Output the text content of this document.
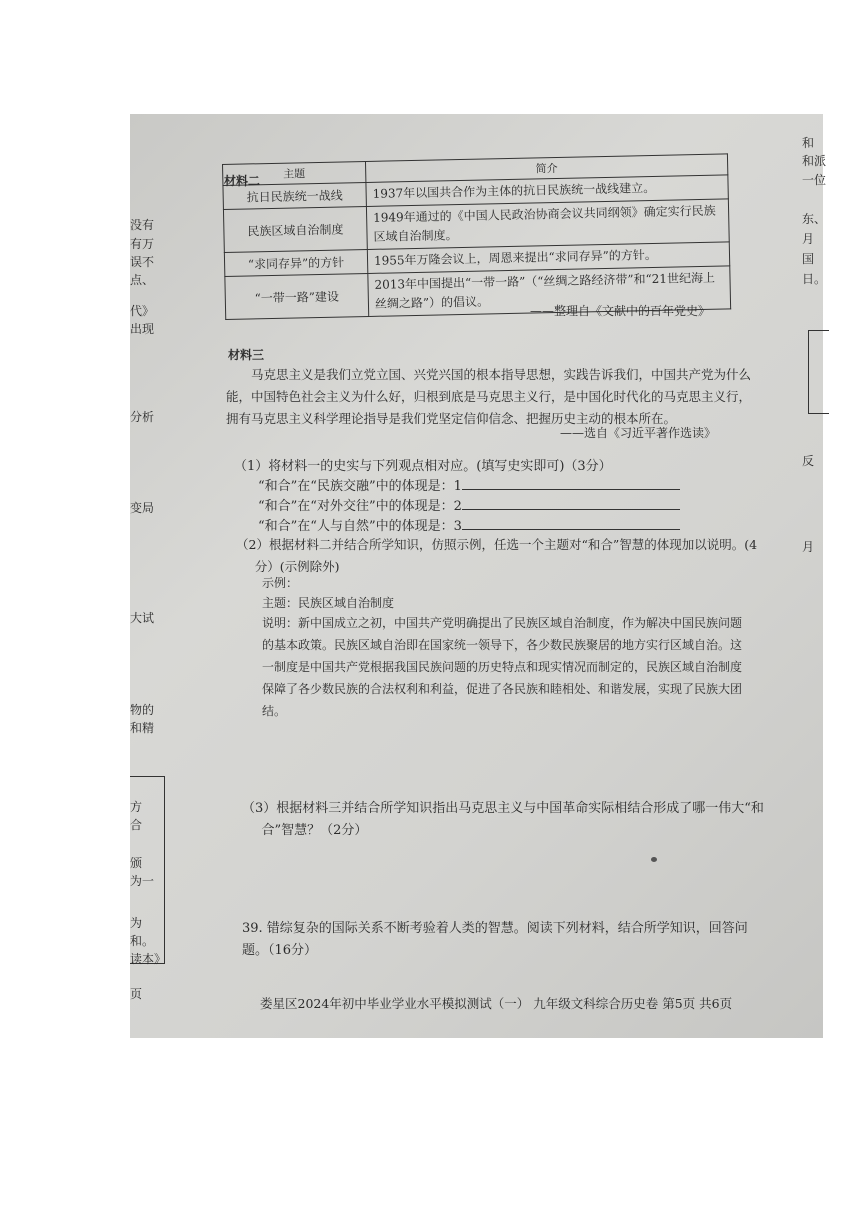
没有
有万
误不
点、
代》
出现
分析
变局
大试
物的
和精
方
合
颁
为一
为
和。
读本》
页
和
和派
一位
东、
月
国
日。
反
月
材料二
主题	简介
抗日民族统一战线	1937年以国共合作为主体的抗日民族统一战线建立。
民族区域自治制度	1949年通过的《中国人民政治协商会议共同纲领》确定实行民族区域自治制度。
“求同存异”的方针	1955年万隆会议上，周恩来提出“求同存异”的方针。
“一带一路”建设	2013年中国提出“一带一路”（“丝绸之路经济带”和“21世纪海上丝绸之路”）的倡议。
——整理自《文献中的百年党史》
材料三
马克思主义是我们立党立国、兴党兴国的根本指导思想，实践告诉我们，中国共产党为什么能，中国特色社会主义为什么好，归根到底是马克思主义行，是中国化时代化的马克思主义行，拥有马克思主义科学理论指导是我们党坚定信仰信念、把握历史主动的根本所在。
——选自《习近平著作选读》
（1）将材料一的史实与下列观点相对应。(填写史实即可)（3分）
“和合”在“民族交融”中的体现是：1
“和合”在“对外交往”中的体现是：2
“和合”在“人与自然”中的体现是：3
（2）根据材料二并结合所学知识，仿照示例，任选一个主题对“和合”智慧的体现加以说明。(4分）(示例除外)
示例：
主题：民族区域自治制度
说明：新中国成立之初，中国共产党明确提出了民族区域自治制度，作为解决中国民族问题的基本政策。民族区域自治即在国家统一领导下，各少数民族聚居的地方实行区域自治。这一制度是中国共产党根据我国民族问题的历史特点和现实情况而制定的，民族区域自治制度保障了各少数民族的合法权利和利益，促进了各民族和睦相处、和谐发展，实现了民族大团结。
（3）根据材料三并结合所学知识指出马克思主义与中国革命实际相结合形成了哪一伟大“和合”智慧？（2分）
39. 错综复杂的国际关系不断考验着人类的智慧。阅读下列材料，结合所学知识，回答问题。（16分）
娄星区2024年初中毕业学业水平模拟测试（一） 九年级文科综合历史卷 第5页 共6页
